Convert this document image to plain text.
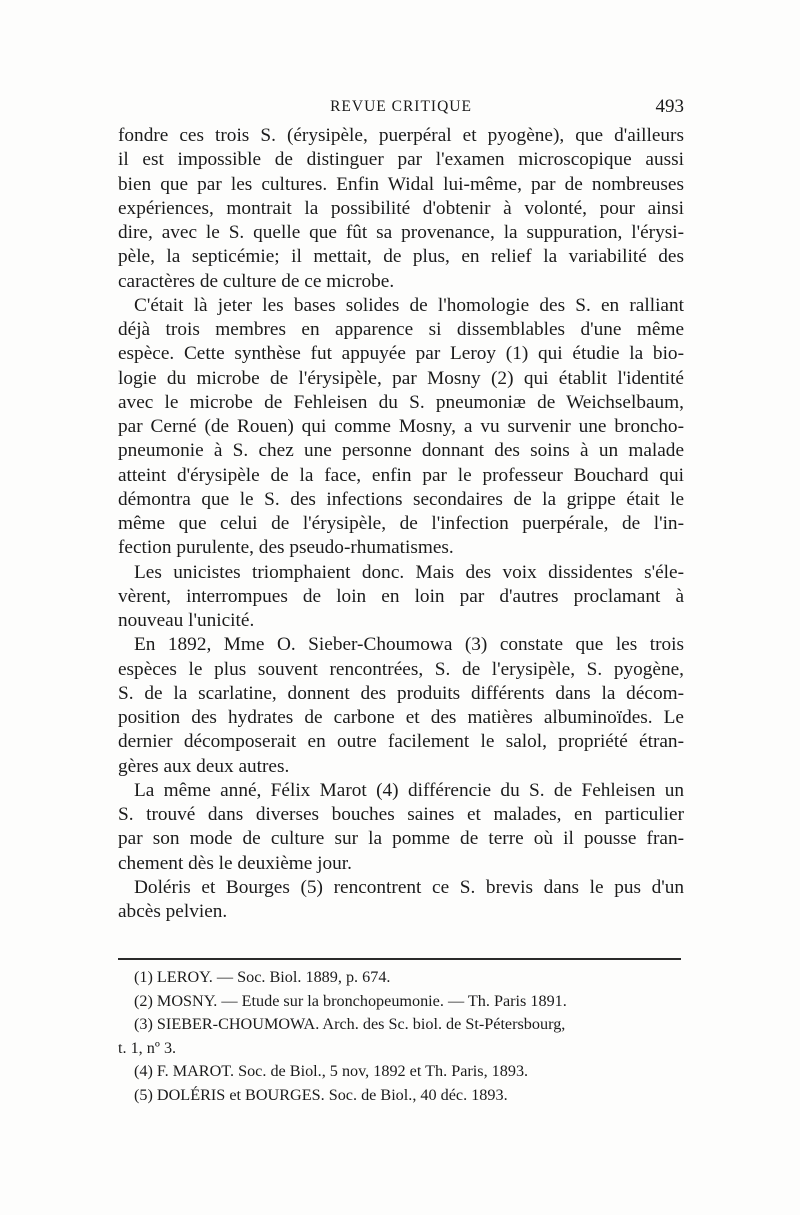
REVUE CRITIQUE	493
fondre ces trois S. (érysipèle, puerpéral et pyogène), que d'ailleurs
il est impossible de distinguer par l'examen microscopique aussi
bien que par les cultures. Enfin Widal lui-même, par de nombreuses
expériences, montrait la possibilité d'obtenir à volonté, pour ainsi
dire, avec le S. quelle que fût sa provenance, la suppuration, l'érysi-
pèle, la septicémie; il mettait, de plus, en relief la variabilité des
caractères de culture de ce microbe.
C'était là jeter les bases solides de l'homologie des S. en ralliant
déjà trois membres en apparence si dissemblables d'une même
espèce. Cette synthèse fut appuyée par Leroy (1) qui étudie la bio-
logie du microbe de l'érysipèle, par Mosny (2) qui établit l'identité
avec le microbe de Fehleisen du S. pneumoniæ de Weichselbaum,
par Cerné (de Rouen) qui comme Mosny, a vu survenir une broncho-
pneumonie à S. chez une personne donnant des soins à un malade
atteint d'érysipèle de la face, enfin par le professeur Bouchard qui
démontra que le S. des infections secondaires de la grippe était le
même que celui de l'érysipèle, de l'infection puerpérale, de l'in-
fection purulente, des pseudo-rhumatismes.
Les unicistes triomphaient donc. Mais des voix dissidentes s'éle-
vèrent, interrompues de loin en loin par d'autres proclamant à
nouveau l'unicité.
En 1892, Mme O. Sieber-Choumowa (3) constate que les trois
espèces le plus souvent rencontrées, S. de l'erysipèle, S. pyogène,
S. de la scarlatine, donnent des produits différents dans la décom-
position des hydrates de carbone et des matières albuminoïdes. Le
dernier décomposerait en outre facilement le salol, propriété étran-
gères aux deux autres.
La même anné, Félix Marot (4) différencie du S. de Fehleisen un
S. trouvé dans diverses bouches saines et malades, en particulier
par son mode de culture sur la pomme de terre où il pousse fran-
chement dès le deuxième jour.
Doléris et Bourges (5) rencontrent ce S. brevis dans le pus d'un
abcès pelvien.
(1) LEROY. — Soc. Biol. 1889, p. 674.
(2) MOSNY. — Etude sur la bronchopeumonie. — Th. Paris 1891.
(3) SIEBER-CHOUMOWA. Arch. des Sc. biol. de St-Pétersbourg,
t. 1, nº 3.
(4) F. MAROT. Soc. de Biol., 5 nov, 1892 et Th. Paris, 1893.
(5) DOLÉRIS et BOURGES. Soc. de Biol., 40 déc. 1893.
